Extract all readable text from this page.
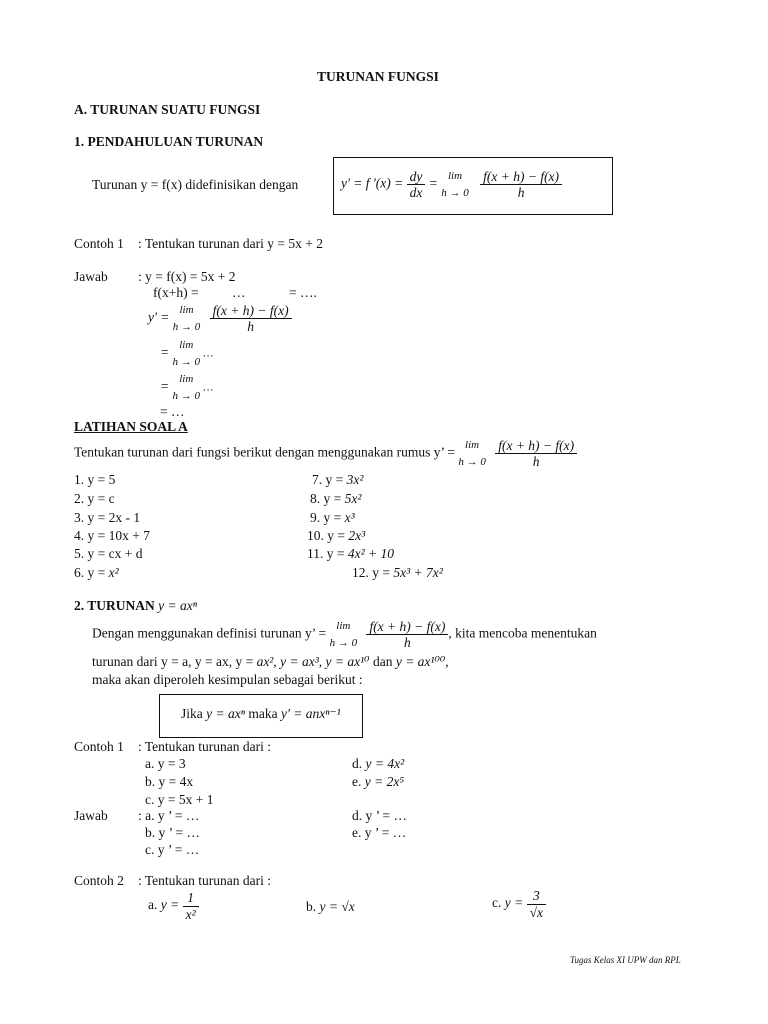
TURUNAN FUNGSI
A. TURUNAN SUATU FUNGSI
1. PENDAHULUAN TURUNAN
Turunan y = f(x) didefinisikan dengan	y' = f '$(x) = \frac{dy}{dx} = \lim$
h → 0
$\frac{f(x + h) - f(x)}{h}$
Contoh 1 : Tentukan turunan dari y = 5x + 2
Jawab : y = f(x) = 5x + 2
f(x+h) = …	= ….
y' = lim
h → 0
$\frac{f(x + h) - f(x)}{h}$
= lim
h → 0
…
= lim
h → 0
…
= …
LATIHAN SOAL A
Tentukan turunan dari fungsi berikut dengan menggunakan rumus y’ = lim
h → 0
$\frac{f(x + h) - f(x)}{h}$
1. y = 5
2. y = c
3. y = 2x - 1
4. y = 10x + 7
5. y = cx + d
6. y = x²
7. y = 3x²
8. y = 5x²
9. y = x³
10. y = 2x³
11. y = 4x² + 10
12. y = 5x³ + 7x²
2. TURUNAN y = axⁿ
Dengan menggunakan definisi turunan y’ = lim
h → 0
$\frac{f(x + h) - f(x)}{h}$ , kita mencoba menentukan
turunan dari y = a, y = ax, y = ax², y = ax³, y = ax¹⁰ dan y = ax¹⁰⁰,
maka akan diperoleh kesimpulan sebagai berikut :
Jika y = axⁿ maka y' = anxⁿ⁻¹
Contoh 1 : Tentukan turunan dari :
a. y = 3
b. y = 4x
c. y = 5x + 1
d. y = 4x²
e. y = 2x⁵
Jawab : a. y ’ = …
b. y ’ = …
c. y ’ = …
d. y ’ = …
e. y ’ = …
Contoh 2 : Tentukan turunan dari :
a. $y = \frac{1}{\text{x²}}$	b. y = √x	c. $y = \frac{3}{√x}$
Tugas Kelas XI UPW dan RPL
